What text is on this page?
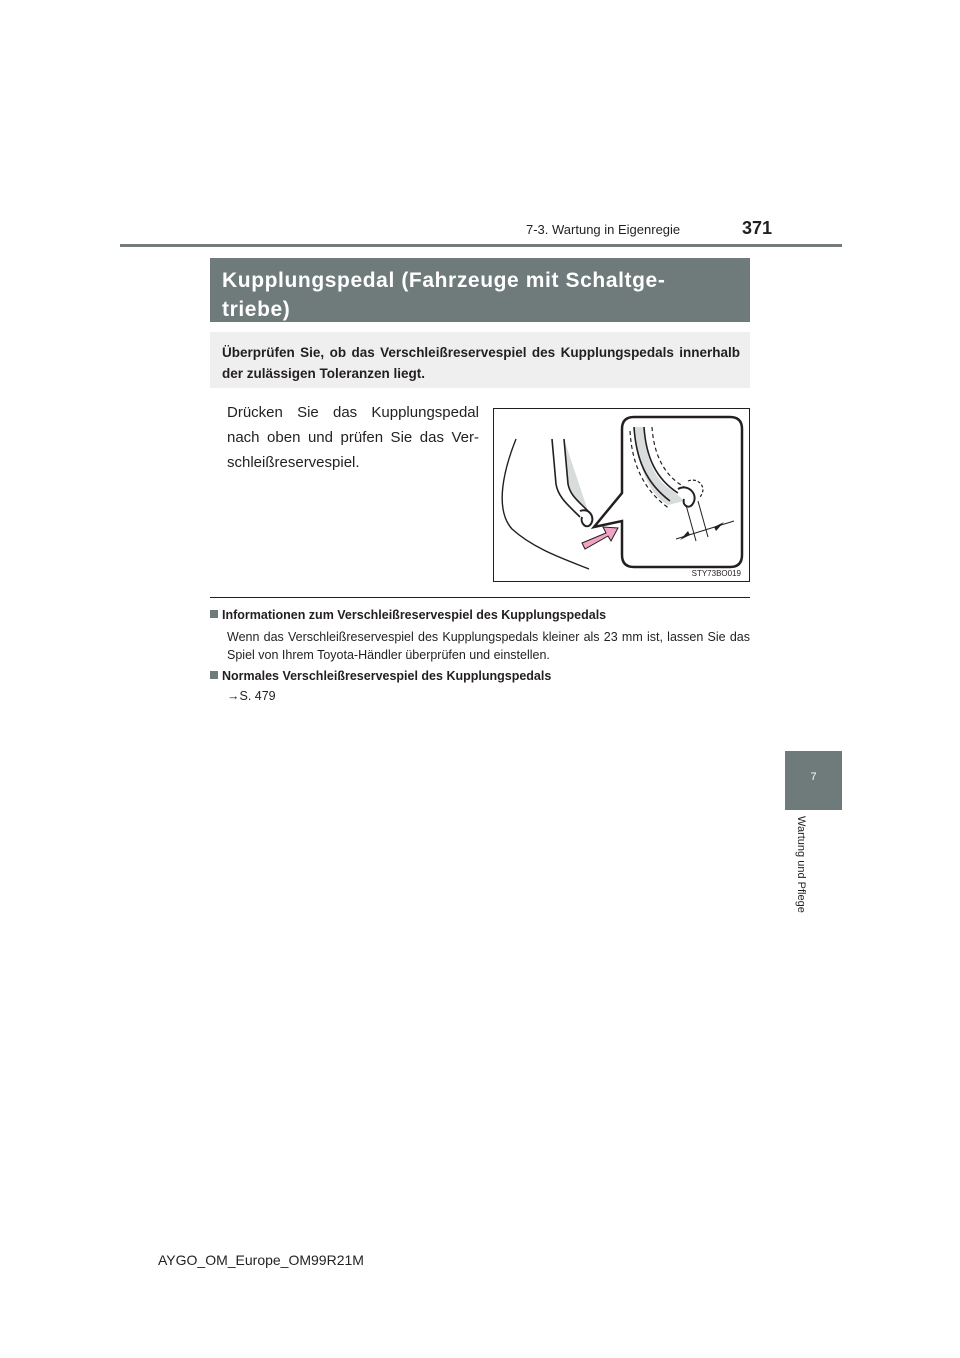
7-3. Wartung in Eigenregie	371
Kupplungspedal (Fahrzeuge mit Schaltge-
triebe)
Überprüfen Sie, ob das Verschleißreservespiel des Kupplungspedals innerhalb der zulässigen Toleranzen liegt.
Drücken Sie das Kupplungspedal nach oben und prüfen Sie das Ver-schleißreservespiel.
STY73BO019
Informationen zum Verschleißreservespiel des Kupplungspedals
Wenn das Verschleißreservespiel des Kupplungspedals kleiner als 23 mm ist, lassen Sie das Spiel von Ihrem Toyota-Händler überprüfen und einstellen.
Normales Verschleißreservespiel des Kupplungspedals
→S. 479
7
Wartung und Pflege
AYGO_OM_Europe_OM99R21M
